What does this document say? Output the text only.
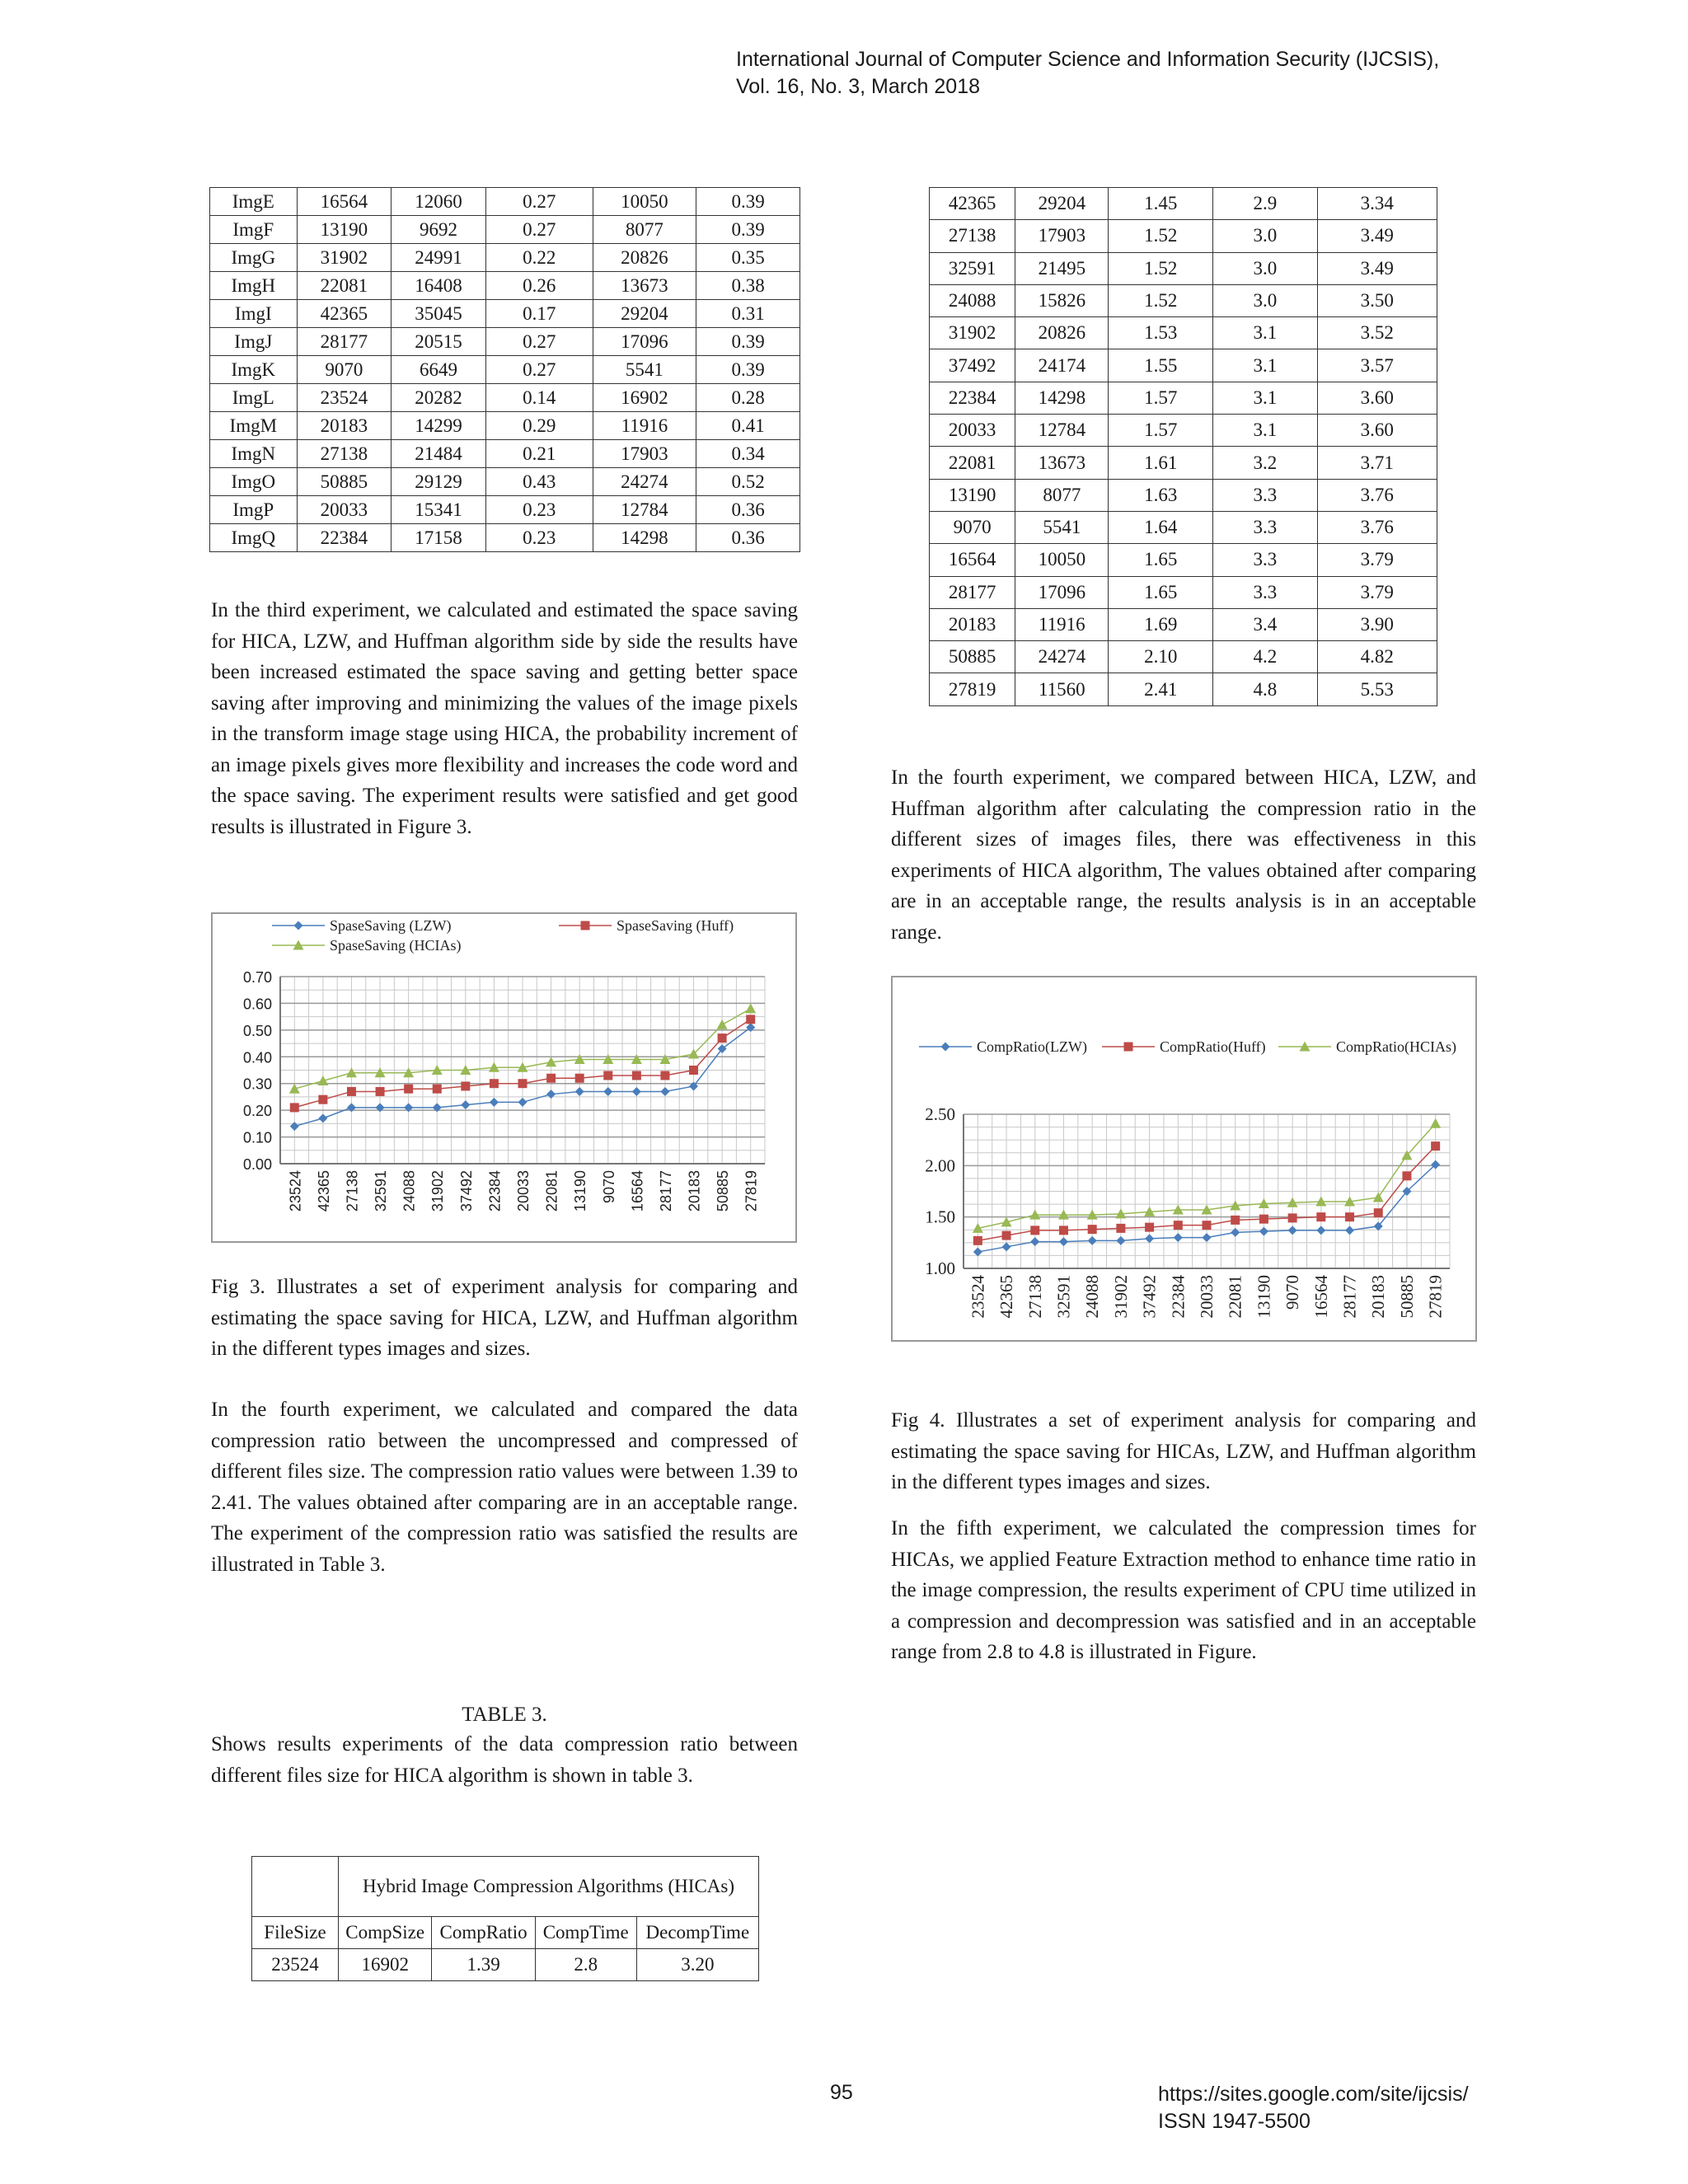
International Journal of Computer Science and Information Security (IJCSIS),
Vol. 16, No. 3, March 2018
ImgE	16564	12060	0.27	10050	0.39
ImgF	13190	9692	0.27	8077	0.39
ImgG	31902	24991	0.22	20826	0.35
ImgH	22081	16408	0.26	13673	0.38
ImgI	42365	35045	0.17	29204	0.31
ImgJ	28177	20515	0.27	17096	0.39
ImgK	9070	6649	0.27	5541	0.39
ImgL	23524	20282	0.14	16902	0.28
ImgM	20183	14299	0.29	11916	0.41
ImgN	27138	21484	0.21	17903	0.34
ImgO	50885	29129	0.43	24274	0.52
ImgP	20033	15341	0.23	12784	0.36
ImgQ	22384	17158	0.23	14298	0.36
42365	29204	1.45	2.9	3.34
27138	17903	1.52	3.0	3.49
32591	21495	1.52	3.0	3.49
24088	15826	1.52	3.0	3.50
31902	20826	1.53	3.1	3.52
37492	24174	1.55	3.1	3.57
22384	14298	1.57	3.1	3.60
20033	12784	1.57	3.1	3.60
22081	13673	1.61	3.2	3.71
13190	8077	1.63	3.3	3.76
9070	5541	1.64	3.3	3.76
16564	10050	1.65	3.3	3.79
28177	17096	1.65	3.3	3.79
20183	11916	1.69	3.4	3.90
50885	24274	2.10	4.2	4.82
27819	11560	2.41	4.8	5.53

In the third experiment, we calculated and estimated the space saving for HICA, LZW, and Huffman algorithm side by side the results have been increased estimated the space saving and getting better space saving after improving and minimizing the values of the image pixels in the transform image stage using HICA, the probability increment of an image pixels gives more flexibility and increases the code word and the space saving. The experiment results were satisfied and get good results is illustrated in Figure 3.

0.00
0.10
0.20
0.30
0.40
0.50
0.60
0.70
23524 42365 27138 32591 24088 31902 37492 22384 20033 22081 13190 9070 16564 28177 20183 50885 27819
SpaseSaving (LZW)	SpaseSaving (Huff)
SpaseSaving (HCIAs)

Fig 3. Illustrates a set of experiment analysis for comparing and estimating the space saving for HICA, LZW, and Huffman algorithm in the different types images and sizes.

In the fourth experiment, we calculated and compared the data compression ratio between the uncompressed and compressed of different files size. The compression ratio values were between 1.39 to 2.41. The values obtained after comparing are in an acceptable range. The experiment of the compression ratio was satisfied the results are illustrated in Table 3.

TABLE 3.

Shows results experiments of the data compression ratio between different files size for HICA algorithm is shown in table 3.

	Hybrid Image Compression Algorithms (HICAs)			
FileSize	CompSize	CompRatio	CompTime	DecompTime
23524	16902	1.39	2.8	3.20

In the fourth experiment, we compared between HICA, LZW, and Huffman algorithm after calculating the compression ratio in the different sizes of images files, there was effectiveness in this experiments of HICA algorithm, The values obtained after comparing are in an acceptable range, the results analysis is in an acceptable range.

1.00
1.50
2.00
2.50
23524 42365 27138 32591 24088 31902 37492 22384 20033 22081 13190 9070 16564 28177 20183 50885 27819
CompRatio(LZW)	CompRatio(Huff)	CompRatio(HCIAs)

Fig 4. Illustrates a set of experiment analysis for comparing and estimating the space saving for HICAs, LZW, and Huffman algorithm in the different types images and sizes.

In the fifth experiment, we calculated the compression times for HICAs, we applied Feature Extraction method to enhance time ratio in the image compression, the results experiment of CPU time utilized in a compression and decompression was satisfied and in an acceptable range from 2.8 to 4.8 is illustrated in Figure.

95	https://sites.google.com/site/ijcsis/
ISSN 1947-5500
